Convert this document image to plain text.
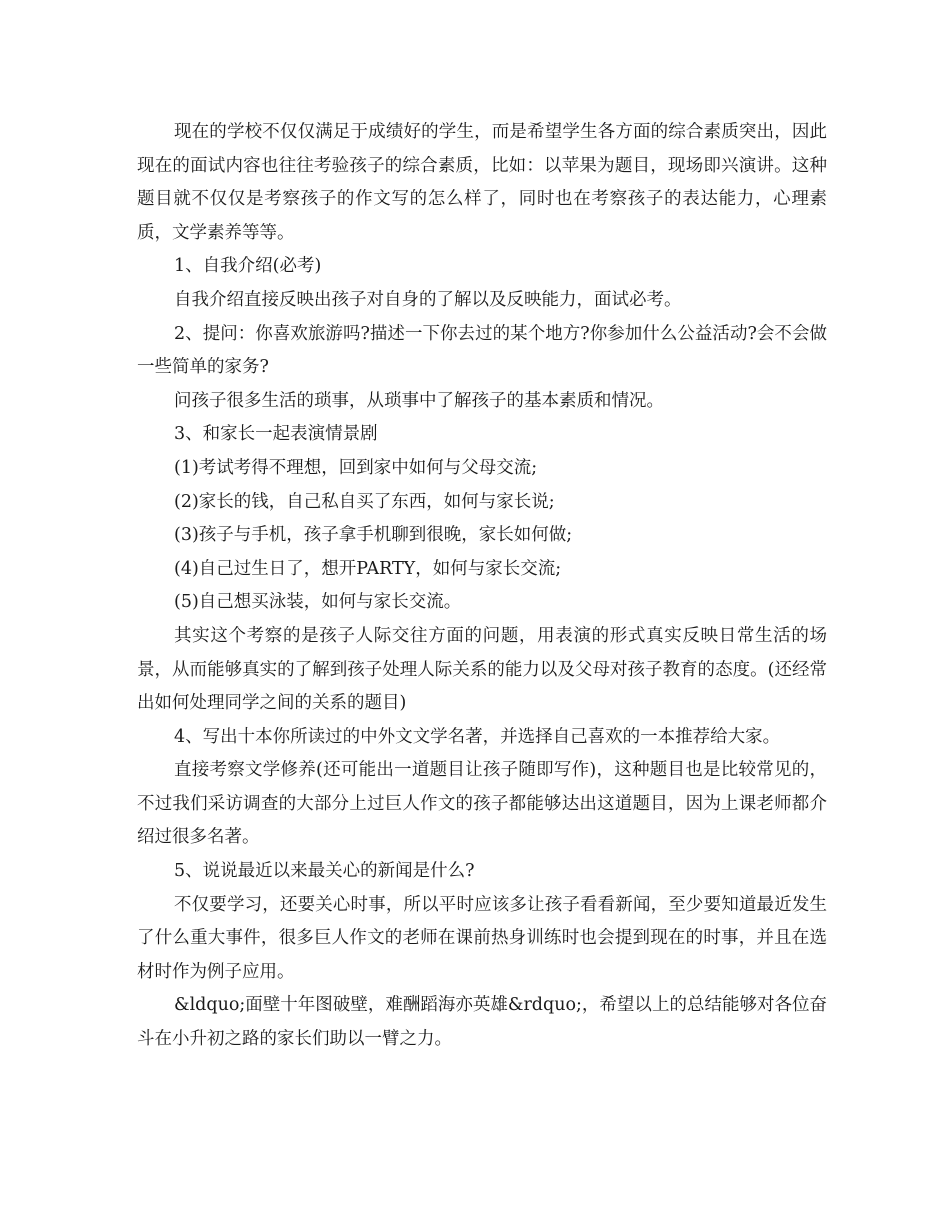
现在的学校不仅仅满足于成绩好的学生，而是希望学生各方面的综合素质突出，因此现在的面试内容也往往考验孩子的综合素质，比如：以苹果为题目，现场即兴演讲。这种题目就不仅仅是考察孩子的作文写的怎么样了，同时也在考察孩子的表达能力，心理素质，文学素养等等。

1、自我介绍(必考)

自我介绍直接反映出孩子对自身的了解以及反映能力，面试必考。

2、提问：你喜欢旅游吗?描述一下你去过的某个地方?你参加什么公益活动?会不会做一些简单的家务?

问孩子很多生活的琐事，从琐事中了解孩子的基本素质和情况。

3、和家长一起表演情景剧

(1)考试考得不理想，回到家中如何与父母交流;

(2)家长的钱，自己私自买了东西，如何与家长说;

(3)孩子与手机，孩子拿手机聊到很晚，家长如何做;

(4)自己过生日了，想开PARTY，如何与家长交流;

(5)自己想买泳装，如何与家长交流。

其实这个考察的是孩子人际交往方面的问题，用表演的形式真实反映日常生活的场景，从而能够真实的了解到孩子处理人际关系的能力以及父母对孩子教育的态度。(还经常出如何处理同学之间的关系的题目)

4、写出十本你所读过的中外文文学名著，并选择自己喜欢的一本推荐给大家。

直接考察文学修养(还可能出一道题目让孩子随即写作)，这种题目也是比较常见的，不过我们采访调查的大部分上过巨人作文的孩子都能够达出这道题目，因为上课老师都介绍过很多名著。

5、说说最近以来最关心的新闻是什么?

不仅要学习，还要关心时事，所以平时应该多让孩子看看新闻，至少要知道最近发生了什么重大事件，很多巨人作文的老师在课前热身训练时也会提到现在的时事，并且在选材时作为例子应用。

&ldquo;面壁十年图破壁，难酬蹈海亦英雄&rdquo;，希望以上的总结能够对各位奋斗在小升初之路的家长们助以一臂之力。
